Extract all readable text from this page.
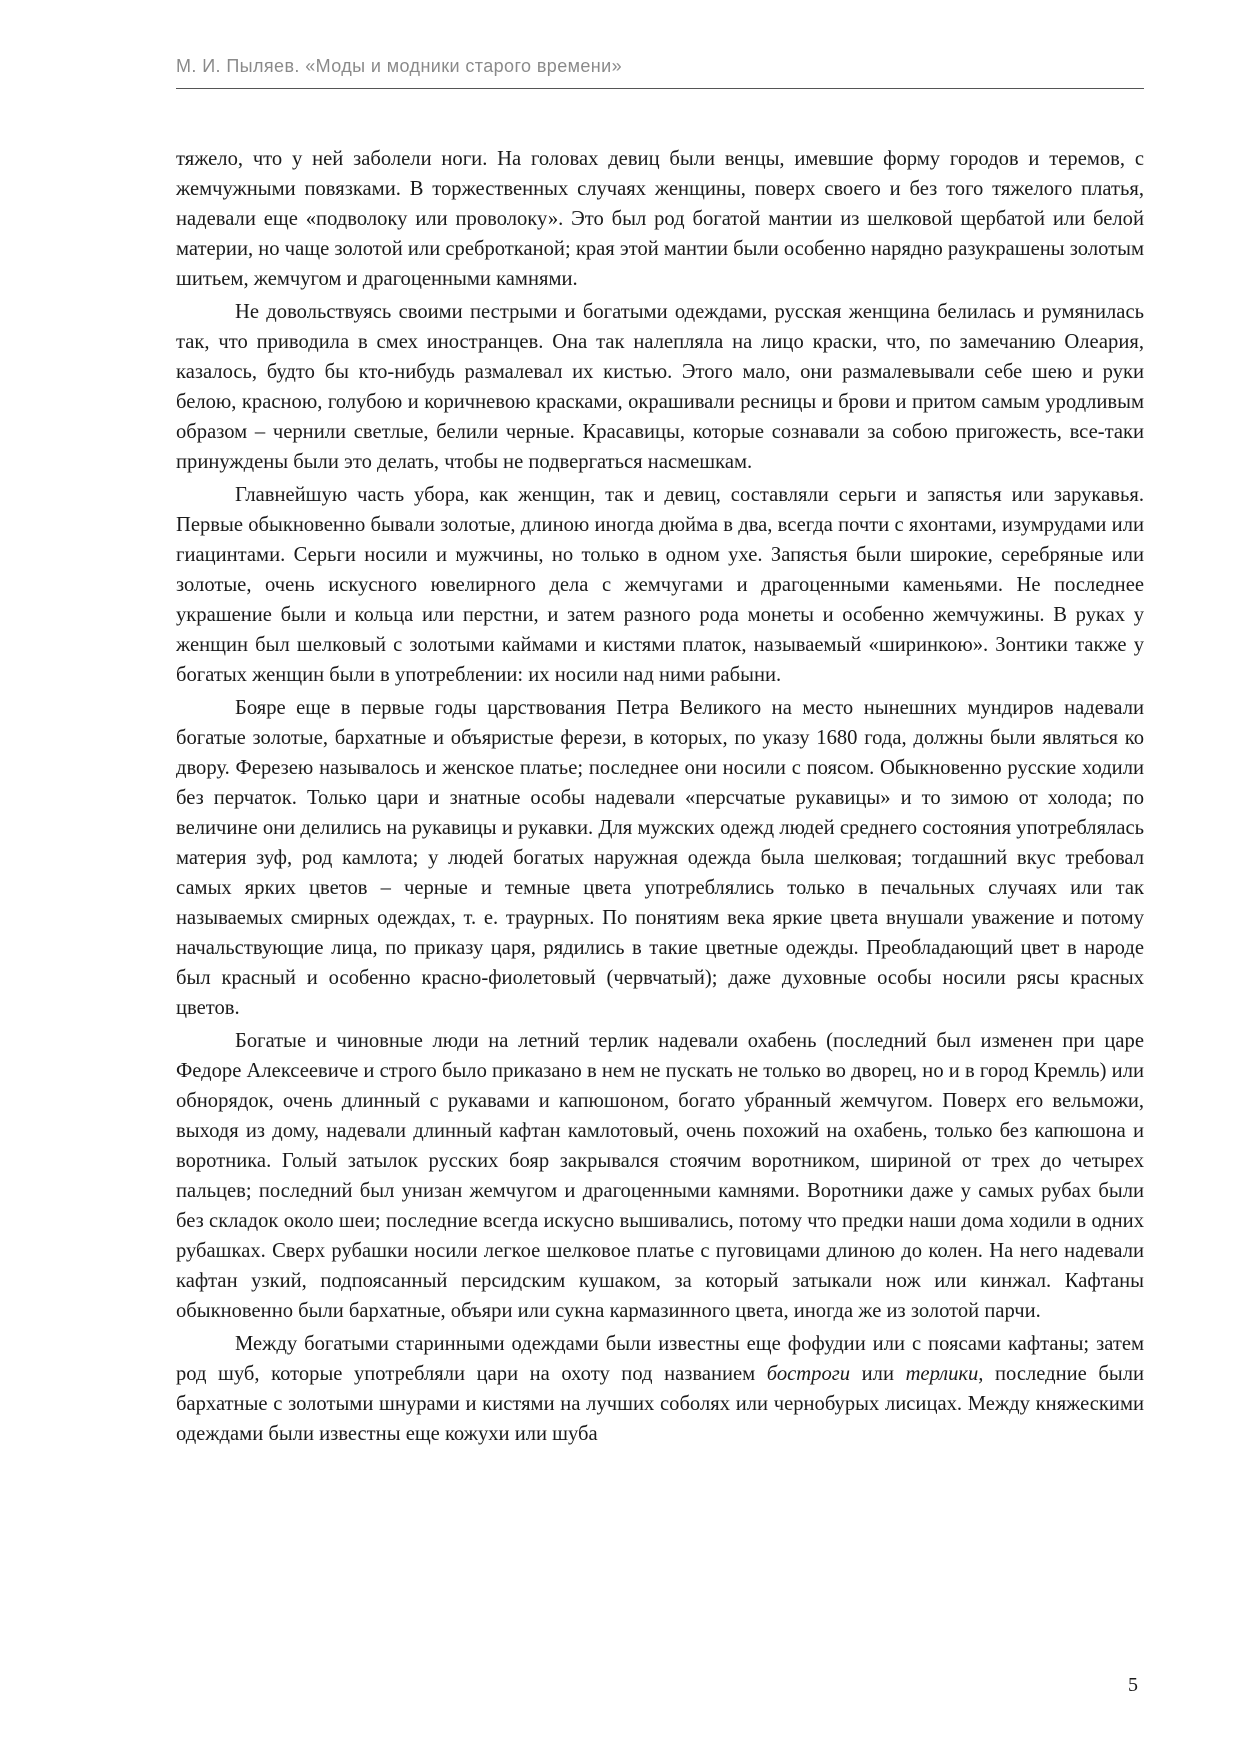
М. И. Пыляев. «Моды и модники старого времени»

тяжело, что у ней заболели ноги. На головах девиц были венцы, имевшие форму городов и теремов, с жемчужными повязками. В торжественных случаях женщины, поверх своего и без того тяжелого платья, надевали еще «подволоку или проволоку». Это был род богатой мантии из шелковой щербатой или белой материи, но чаще золотой или сребротканой; края этой мантии были особенно нарядно разукрашены золотым шитьем, жемчугом и драгоценными камнями.

Не довольствуясь своими пестрыми и богатыми одеждами, русская женщина белилась и румянилась так, что приводила в смех иностранцев. Она так налепляла на лицо краски, что, по замечанию Олеария, казалось, будто бы кто-нибудь размалевал их кистью. Этого мало, они размалевывали себе шею и руки белою, красною, голубою и коричневою красками, окрашивали ресницы и брови и притом самым уродливым образом – чернили светлые, белили черные. Красавицы, которые сознавали за собою пригожесть, все-таки принуждены были это делать, чтобы не подвергаться насмешкам.

Главнейшую часть убора, как женщин, так и девиц, составляли серьги и запястья или зарукавья. Первые обыкновенно бывали золотые, длиною иногда дюйма в два, всегда почти с яхонтами, изумрудами или гиацинтами. Серьги носили и мужчины, но только в одном ухе. Запястья были широкие, серебряные или золотые, очень искусного ювелирного дела с жемчугами и драгоценными каменьями. Не последнее украшение были и кольца или перстни, и затем разного рода монеты и особенно жемчужины. В руках у женщин был шелковый с золотыми каймами и кистями платок, называемый «ширинкою». Зонтики также у богатых женщин были в употреблении: их носили над ними рабыни.

Бояре еще в первые годы царствования Петра Великого на место нынешних мундиров надевали богатые золотые, бархатные и объяристые ферези, в которых, по указу 1680 года, должны были являться ко двору. Ферезею называлось и женское платье; последнее они носили с поясом. Обыкновенно русские ходили без перчаток. Только цари и знатные особы надевали «персчатые рукавицы» и то зимою от холода; по величине они делились на рукавицы и рукавки. Для мужских одежд людей среднего состояния употреблялась материя зуф, род камлота; у людей богатых наружная одежда была шелковая; тогдашний вкус требовал самых ярких цветов – черные и темные цвета употреблялись только в печальных случаях или так называемых смирных одеждах, т. е. траурных. По понятиям века яркие цвета внушали уважение и потому начальствующие лица, по приказу царя, рядились в такие цветные одежды. Преобладающий цвет в народе был красный и особенно красно-фиолетовый (червчатый); даже духовные особы носили рясы красных цветов.

Богатые и чиновные люди на летний терлик надевали охабень (последний был изменен при царе Федоре Алексеевиче и строго было приказано в нем не пускать не только во дворец, но и в город Кремль) или обнорядок, очень длинный с рукавами и капюшоном, богато убранный жемчугом. Поверх его вельможи, выходя из дому, надевали длинный кафтан камлотовый, очень похожий на охабень, только без капюшона и воротника. Голый затылок русских бояр закрывался стоячим воротником, шириной от трех до четырех пальцев; последний был унизан жемчугом и драгоценными камнями. Воротники даже у самых рубах были без складок около шеи; последние всегда искусно вышивались, потому что предки наши дома ходили в одних рубашках. Сверх рубашки носили легкое шелковое платье с пуговицами длиною до колен. На него надевали кафтан узкий, подпоясанный персидским кушаком, за который затыкали нож или кинжал. Кафтаны обыкновенно были бархатные, объяри или сукна кармазинного цвета, иногда же из золотой парчи.

Между богатыми старинными одеждами были известны еще фофудии или с поясами кафтаны; затем род шуб, которые употребляли цари на охоту под названием бостроги или терлики, последние были бархатные с золотыми шнурами и кистями на лучших соболях или чернобурых лисицах. Между княжескими одеждами были известны еще кожухи или шуба

5
